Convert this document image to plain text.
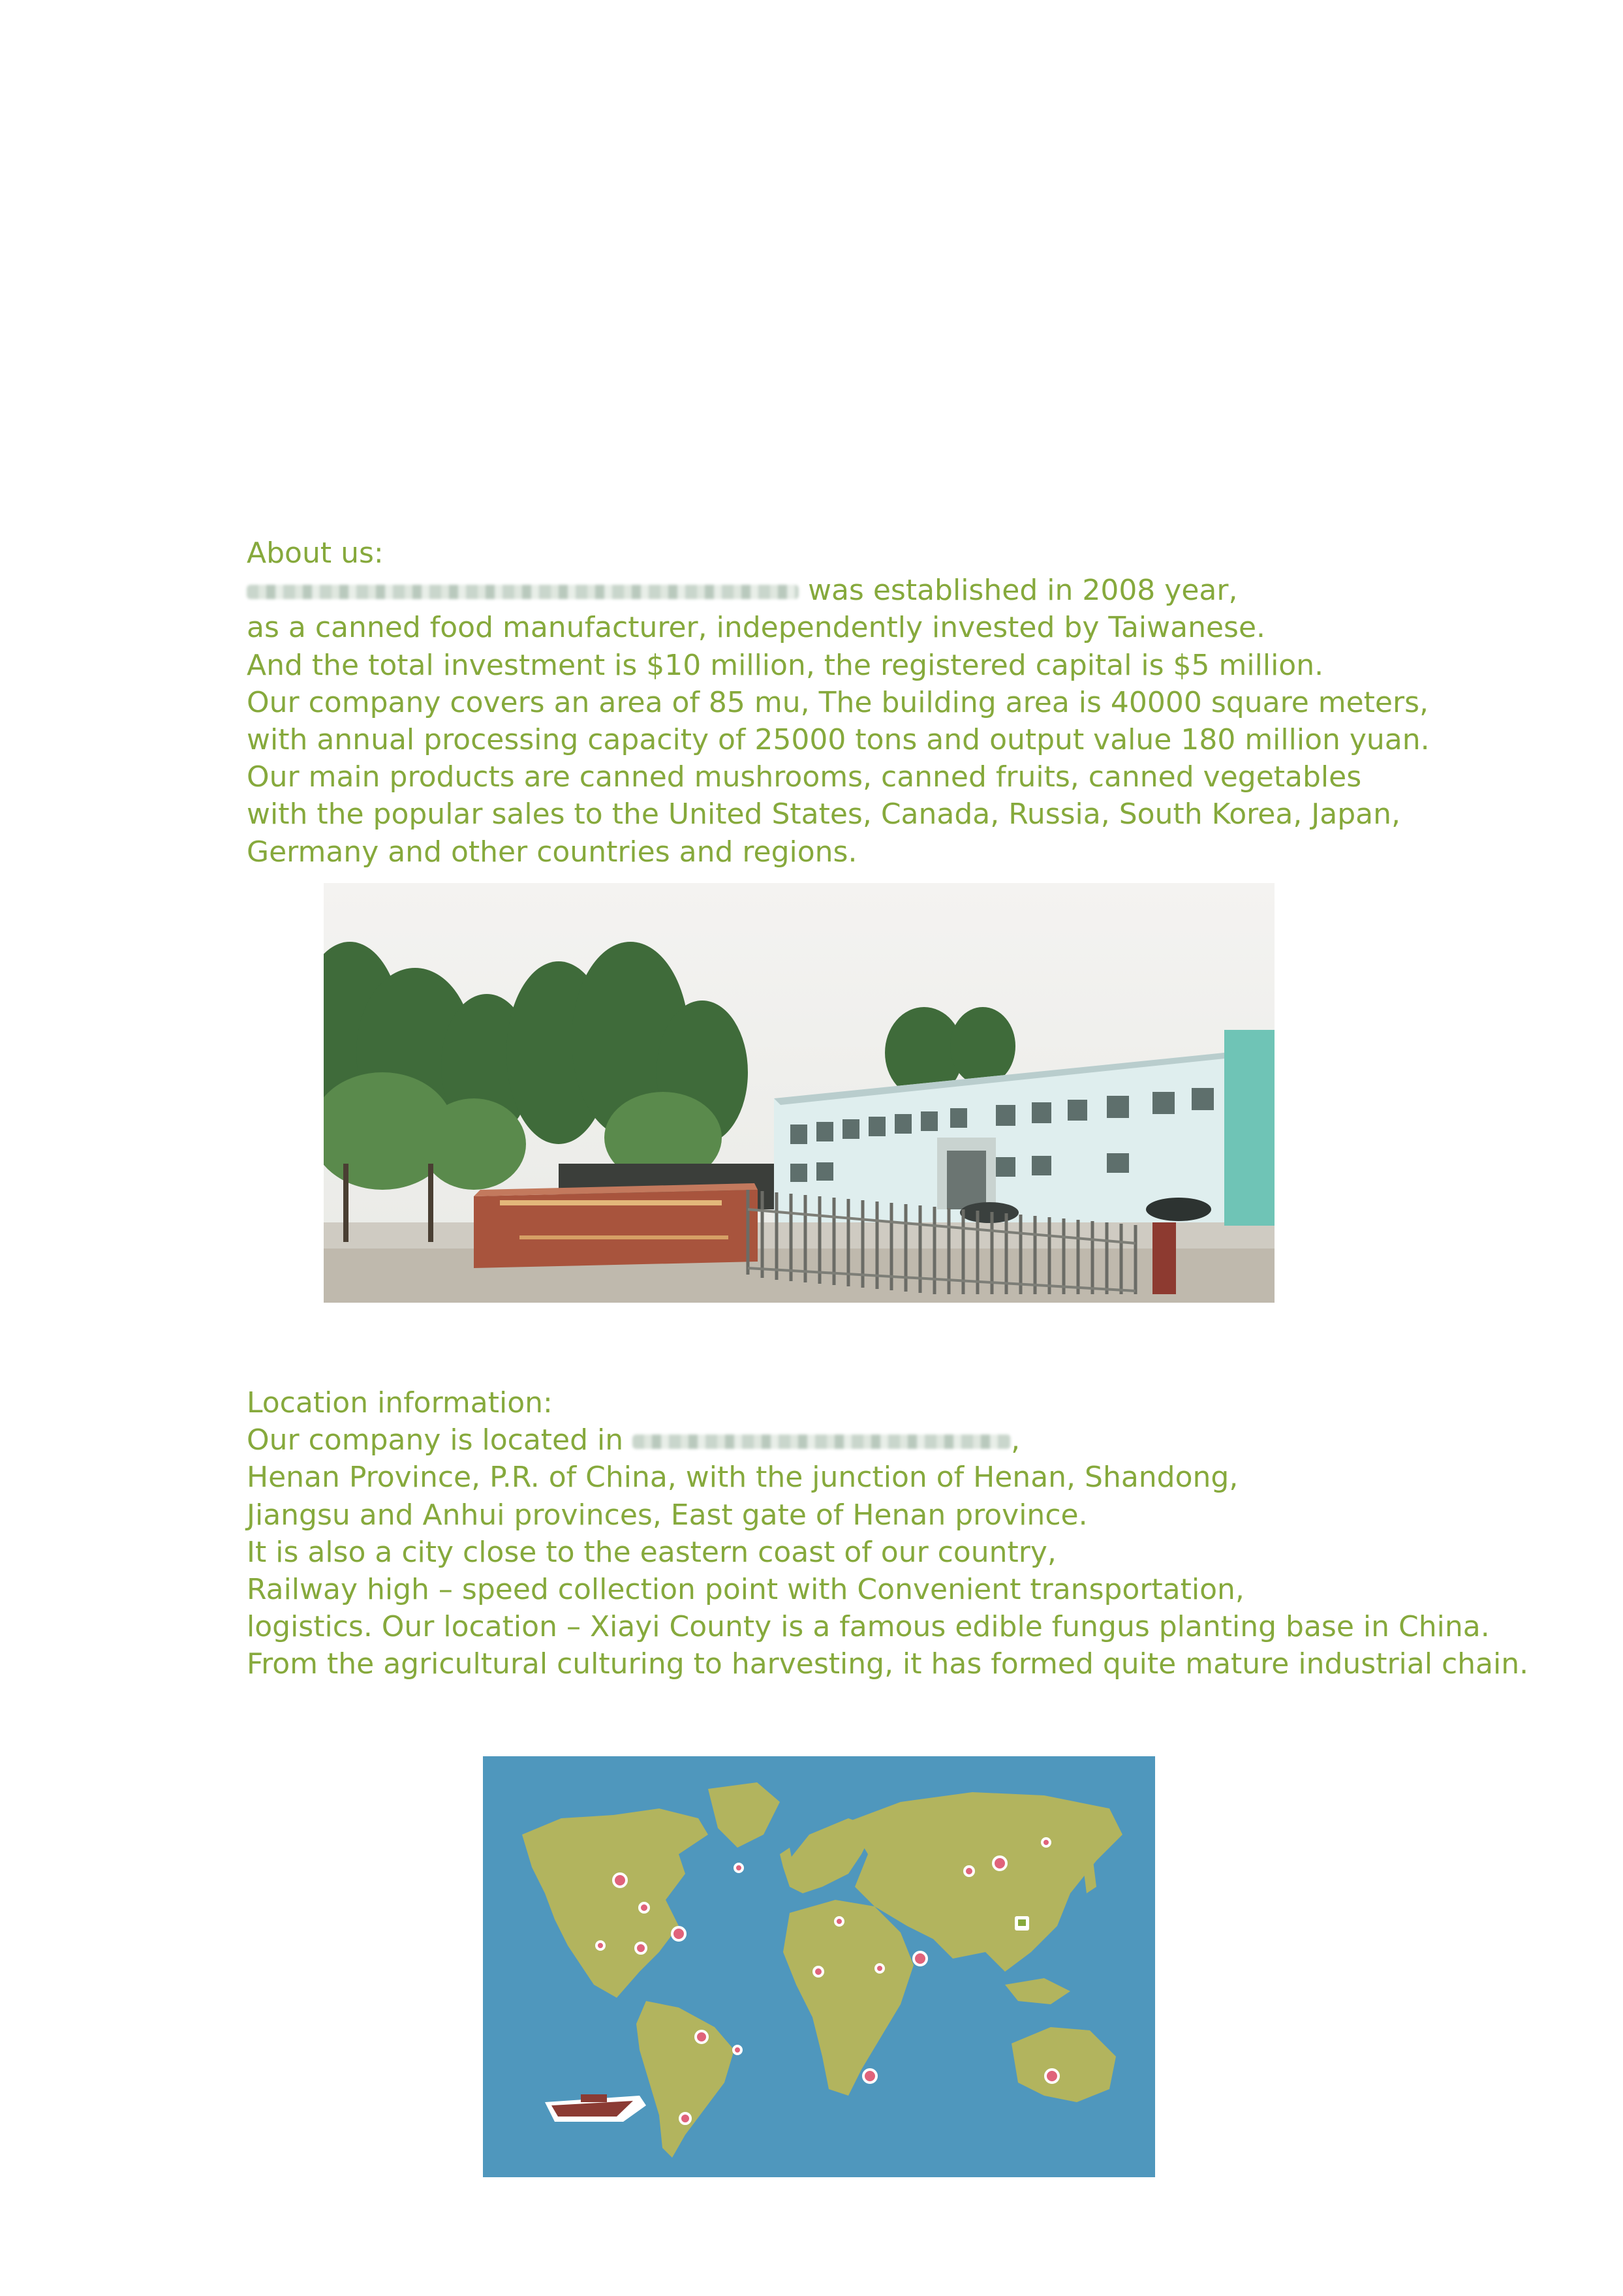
About us:
was established in 2008 year,
as a canned food manufacturer, independently invested by Taiwanese.
And the total investment is $10 million, the registered capital is $5 million.
Our company covers an area of 85 mu, The building area is 40000 square meters,
with annual processing capacity of 25000 tons and output value 180 million yuan.
Our main products are canned mushrooms, canned fruits, canned vegetables
with the popular sales to the United States, Canada, Russia, South Korea, Japan,
Germany and other countries and regions.
Location information:
Our company is located in	,
Henan Province, P.R. of China, with the junction of Henan, Shandong,
Jiangsu and Anhui provinces, East gate of Henan province.
It is also a city close to the eastern coast of our country,
Railway high – speed collection point with Convenient transportation,
logistics. Our location – Xiayi County is a famous edible fungus planting base in China.
From the agricultural culturing to harvesting, it has formed quite mature industrial chain.
